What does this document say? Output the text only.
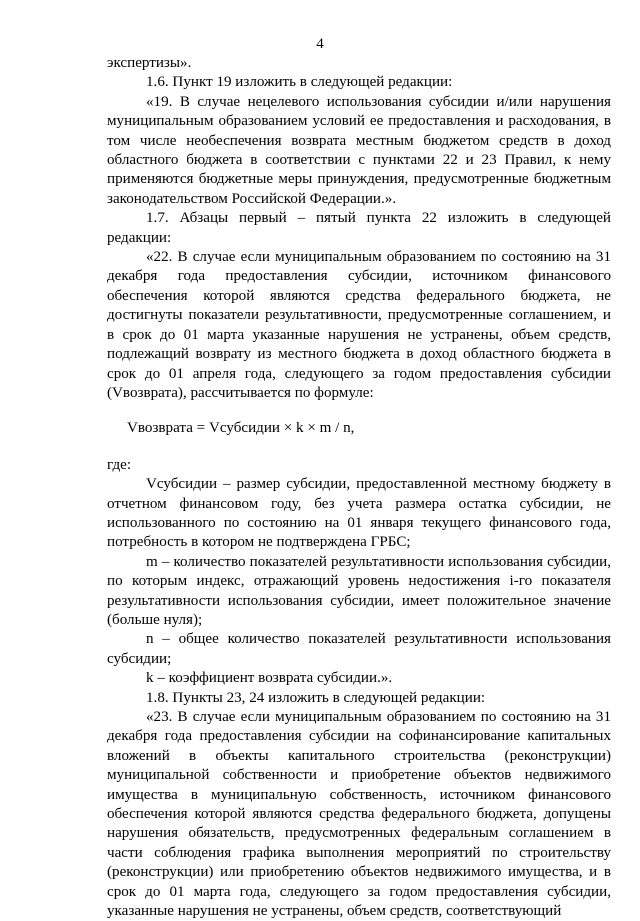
4

экспертизы».

1.6. Пункт 19 изложить в следующей редакции:

«19. В случае нецелевого использования субсидии и/или нарушения муниципальным образованием условий ее предоставления и расходования, в том числе необеспечения возврата местным бюджетом средств в доход областного бюджета в соответствии с пунктами 22 и 23 Правил, к нему применяются бюджетные меры принуждения, предусмотренные бюджетным законодательством Российской Федерации.».

1.7. Абзацы первый – пятый пункта 22 изложить в следующей редакции:

«22. В случае если муниципальным образованием по состоянию на 31 декабря года предоставления субсидии, источником финансового обеспечения которой являются средства федерального бюджета, не достигнуты показатели результативности, предусмотренные соглашением, и в срок до 01 марта указанные нарушения не устранены, объем средств, подлежащий возврату из местного бюджета в доход областного бюджета в срок до 01 апреля года, следующего за годом предоставления субсидии (Vвозврата), рассчитывается по формуле:

Vвозврата = Vсубсидии × k × m / n,

где:

Vсубсидии – размер субсидии, предоставленной местному бюджету в отчетном финансовом году, без учета размера остатка субсидии, не использованного по состоянию на 01 января текущего финансового года, потребность в котором не подтверждена ГРБС;

m – количество показателей результативности использования субсидии, по которым индекс, отражающий уровень недостижения i-го показателя результативности использования субсидии, имеет положительное значение (больше нуля);

n – общее количество показателей результативности использования субсидии;

k – коэффициент возврата субсидии.».

1.8. Пункты 23, 24 изложить в следующей редакции:

«23. В случае если муниципальным образованием по состоянию на 31 декабря года предоставления субсидии на софинансирование капитальных вложений в объекты капитального строительства (реконструкции) муниципальной собственности и приобретение объектов недвижимого имущества в муниципальную собственность, источником финансового обеспечения которой являются средства федерального бюджета, допущены нарушения обязательств, предусмотренных федеральным соглашением в части соблюдения графика выполнения мероприятий по строительству (реконструкции) или приобретению объектов недвижимого имущества, и в срок до 01 марта года, следующего за годом предоставления субсидии, указанные нарушения не устранены, объем средств, соответствующий
